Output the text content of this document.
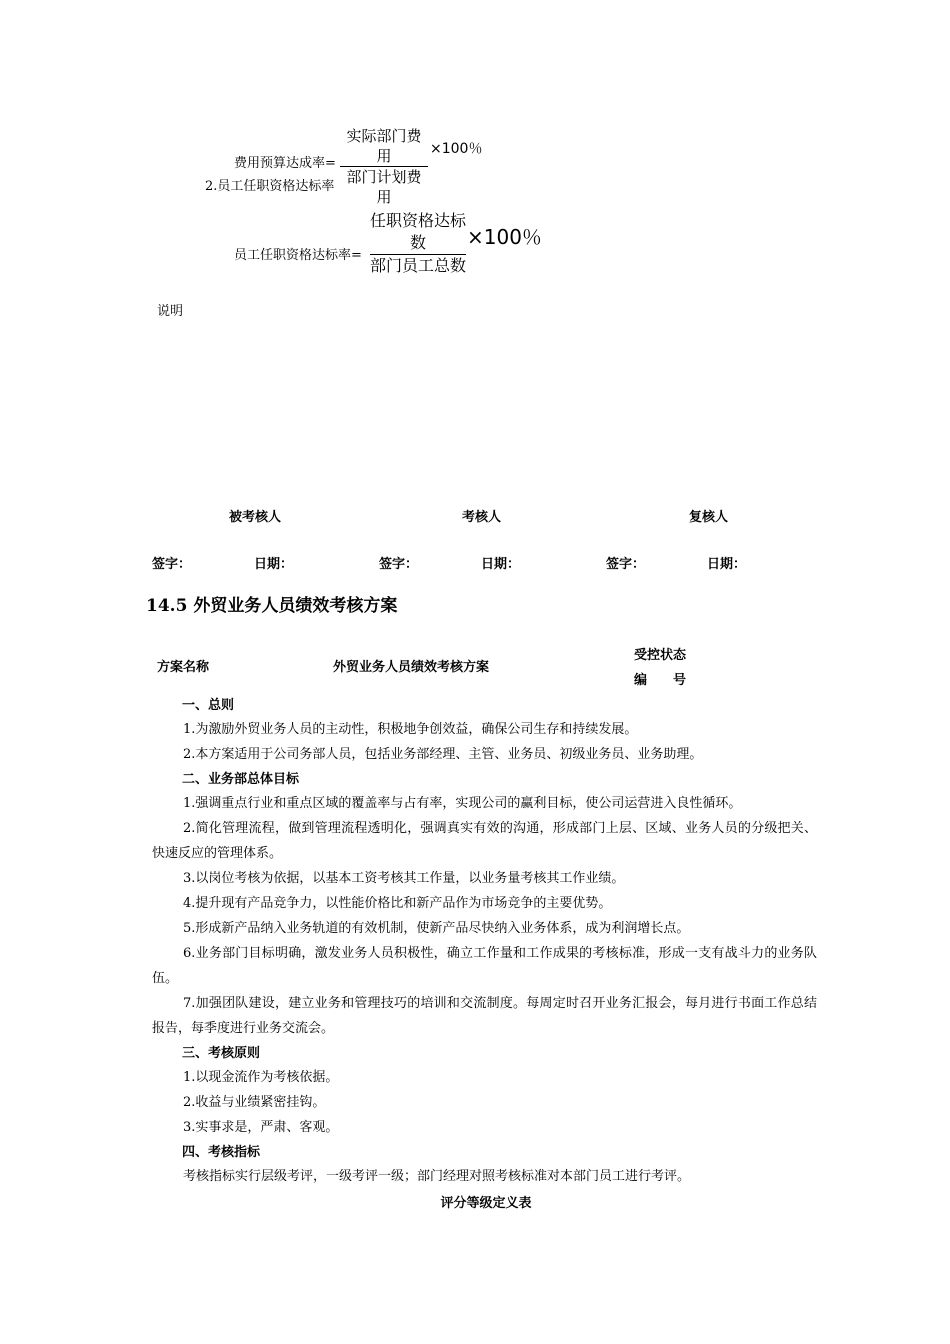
费用预算达成率=
实际部门费用
部门计划费用
×100％
2.员工任职资格达标率
员工任职资格达标率=
任职资格达标数
部门员工总数
×100％
说明
被考核人	考核人	复核人
签字：	日期：	签字：	日期：	签字：	日期：
14.5 外贸业务人员绩效考核方案
方案名称	外贸业务人员绩效考核方案
受控状态
编　　号
一、总则
1.为激励外贸业务人员的主动性，积极地争创效益，确保公司生存和持续发展。
2.本方案适用于公司务部人员，包括业务部经理、主管、业务员、初级业务员、业务助理。
二、业务部总体目标
1.强调重点行业和重点区域的覆盖率与占有率，实现公司的赢利目标，使公司运营进入良性循环。
2.简化管理流程，做到管理流程透明化，强调真实有效的沟通，形成部门上层、区域、业务人员的分级把关、快速反应的管理体系。
3.以岗位考核为依据，以基本工资考核其工作量，以业务量考核其工作业绩。
4.提升现有产品竞争力，以性能价格比和新产品作为市场竞争的主要优势。
5.形成新产品纳入业务轨道的有效机制，使新产品尽快纳入业务体系，成为利润增长点。
6.业务部门目标明确，激发业务人员积极性，确立工作量和工作成果的考核标准，形成一支有战斗力的业务队伍。
7.加强团队建设，建立业务和管理技巧的培训和交流制度。每周定时召开业务汇报会，每月进行书面工作总结报告，每季度进行业务交流会。
三、考核原则
1.以现金流作为考核依据。
2.收益与业绩紧密挂钩。
3.实事求是，严肃、客观。
四、考核指标
考核指标实行层级考评，一级考评一级；部门经理对照考核标准对本部门员工进行考评。
评分等级定义表
